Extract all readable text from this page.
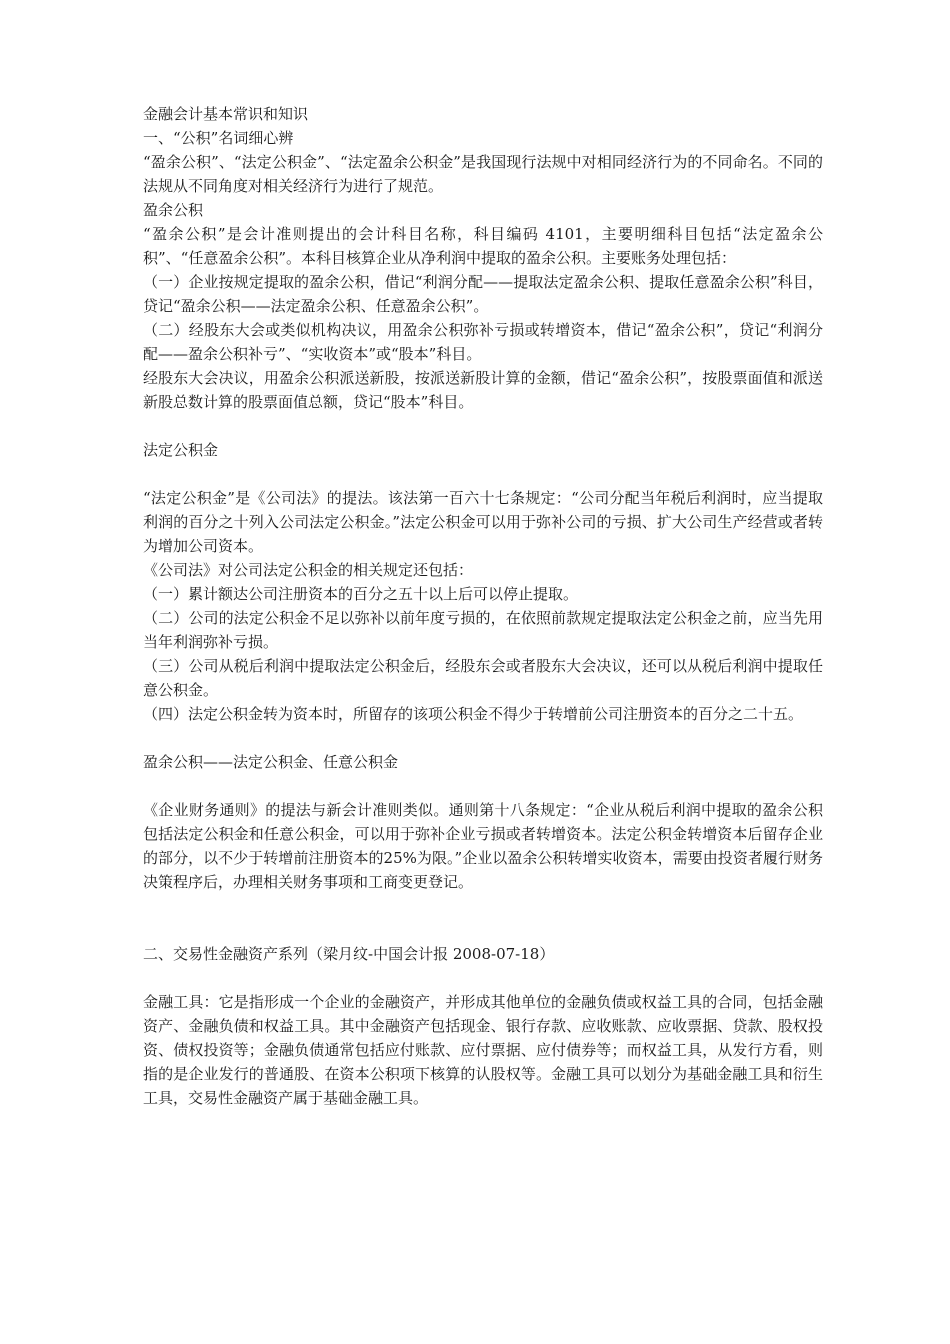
金融会计基本常识和知识

一、“公积”名词细心辨

“盈余公积”、“法定公积金”、“法定盈余公积金”是我国现行法规中对相同经济行为的不同命名。不同的法规从不同角度对相关经济行为进行了规范。

盈余公积

“盈余公积”是会计准则提出的会计科目名称，科目编码 4101，主要明细科目包括“法定盈余公积”、“任意盈余公积”。本科目核算企业从净利润中提取的盈余公积。主要账务处理包括：

（一）企业按规定提取的盈余公积，借记“利润分配——提取法定盈余公积、提取任意盈余公积”科目，贷记“盈余公积——法定盈余公积、任意盈余公积”。

（二）经股东大会或类似机构决议，用盈余公积弥补亏损或转增资本，借记“盈余公积”，贷记“利润分配——盈余公积补亏”、“实收资本”或“股本”科目。

经股东大会决议，用盈余公积派送新股，按派送新股计算的金额，借记“盈余公积”，按股票面值和派送新股总数计算的股票面值总额，贷记“股本”科目。

法定公积金

“法定公积金”是《公司法》的提法。该法第一百六十七条规定：“公司分配当年税后利润时，应当提取利润的百分之十列入公司法定公积金。”法定公积金可以用于弥补公司的亏损、扩大公司生产经营或者转为增加公司资本。

《公司法》对公司法定公积金的相关规定还包括：

（一）累计额达公司注册资本的百分之五十以上后可以停止提取。

（二）公司的法定公积金不足以弥补以前年度亏损的，在依照前款规定提取法定公积金之前，应当先用当年利润弥补亏损。

（三）公司从税后利润中提取法定公积金后，经股东会或者股东大会决议，还可以从税后利润中提取任意公积金。

（四）法定公积金转为资本时，所留存的该项公积金不得少于转增前公司注册资本的百分之二十五。

盈余公积——法定公积金、任意公积金

《企业财务通则》的提法与新会计准则类似。通则第十八条规定：“企业从税后利润中提取的盈余公积包括法定公积金和任意公积金，可以用于弥补企业亏损或者转增资本。法定公积金转增资本后留存企业的部分，以不少于转增前注册资本的25%为限。”企业以盈余公积转增实收资本，需要由投资者履行财务决策程序后，办理相关财务事项和工商变更登记。

二、交易性金融资产系列（梁月纹-中国会计报 2008-07-18）

金融工具：它是指形成一个企业的金融资产，并形成其他单位的金融负债或权益工具的合同，包括金融资产、金融负债和权益工具。其中金融资产包括现金、银行存款、应收账款、应收票据、贷款、股权投资、债权投资等；金融负债通常包括应付账款、应付票据、应付债券等；而权益工具，从发行方看，则指的是企业发行的普通股、在资本公积项下核算的认股权等。金融工具可以划分为基础金融工具和衍生工具，交易性金融资产属于基础金融工具。
